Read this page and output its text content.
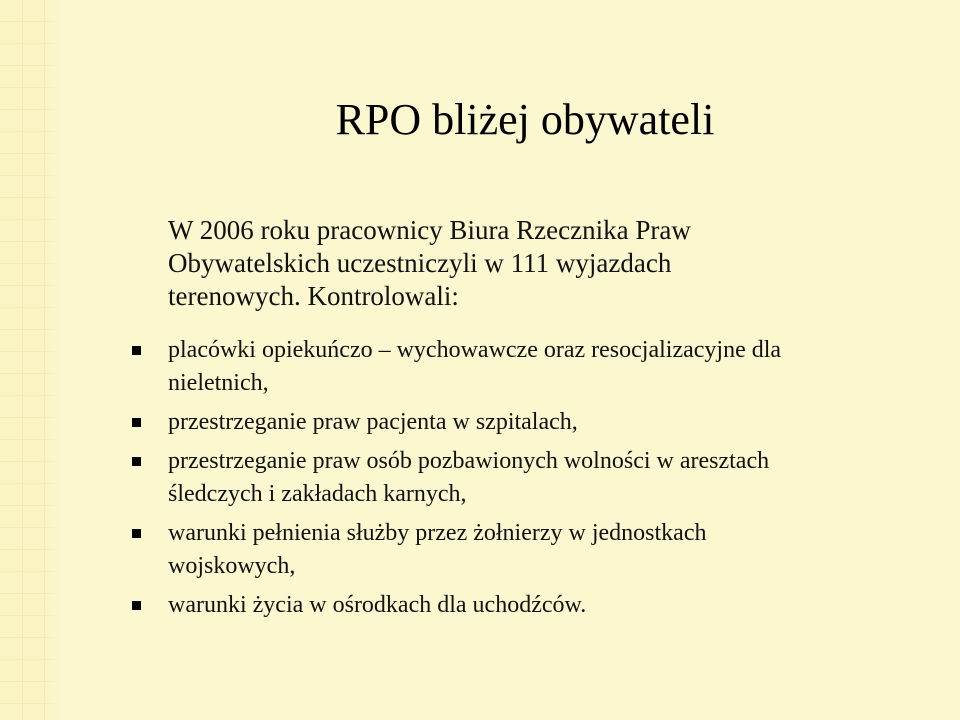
RPO bliżej obywateli
W 2006 roku pracownicy Biura Rzecznika Praw
Obywatelskich uczestniczyli w 111 wyjazdach
terenowych. Kontrolowali:
placówki opiekuńczo – wychowawcze oraz resocjalizacyjne dla
nieletnich,
przestrzeganie praw pacjenta w szpitalach,
przestrzeganie praw osób pozbawionych wolności w aresztach
śledczych i zakładach karnych,
warunki pełnienia służby przez żołnierzy w jednostkach
wojskowych,
warunki życia w ośrodkach dla uchodźców.
